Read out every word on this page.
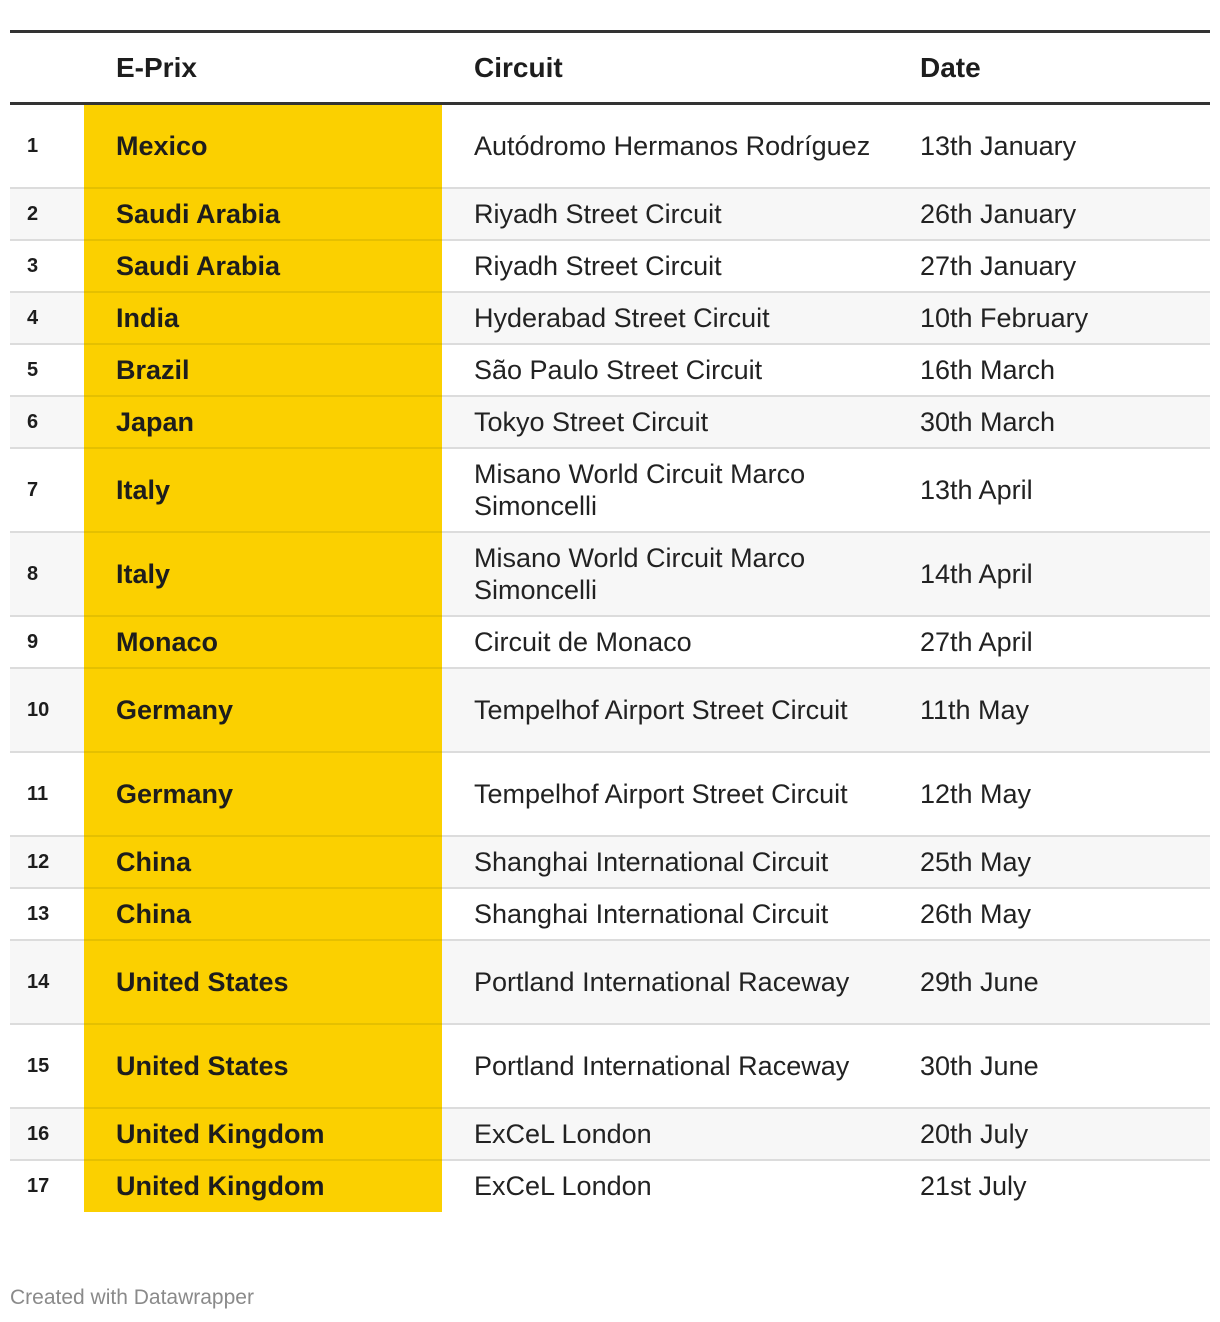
	E-Prix	Circuit	Date
1	Mexico	Autódromo Hermanos Rodríguez	13th January
2	Saudi Arabia	Riyadh Street Circuit	26th January
3	Saudi Arabia	Riyadh Street Circuit	27th January
4	India	Hyderabad Street Circuit	10th February
5	Brazil	São Paulo Street Circuit	16th March
6	Japan	Tokyo Street Circuit	30th March
7	Italy	Misano World Circuit Marco Simoncelli	13th April
8	Italy	Misano World Circuit Marco Simoncelli	14th April
9	Monaco	Circuit de Monaco	27th April
10	Germany	Tempelhof Airport Street Circuit	11th May
11	Germany	Tempelhof Airport Street Circuit	12th May
12	China	Shanghai International Circuit	25th May
13	China	Shanghai International Circuit	26th May
14	United States	Portland International Raceway	29th June
15	United States	Portland International Raceway	30th June
16	United Kingdom	ExCeL London	20th July
17	United Kingdom	ExCeL London	21st July
Created with Datawrapper
